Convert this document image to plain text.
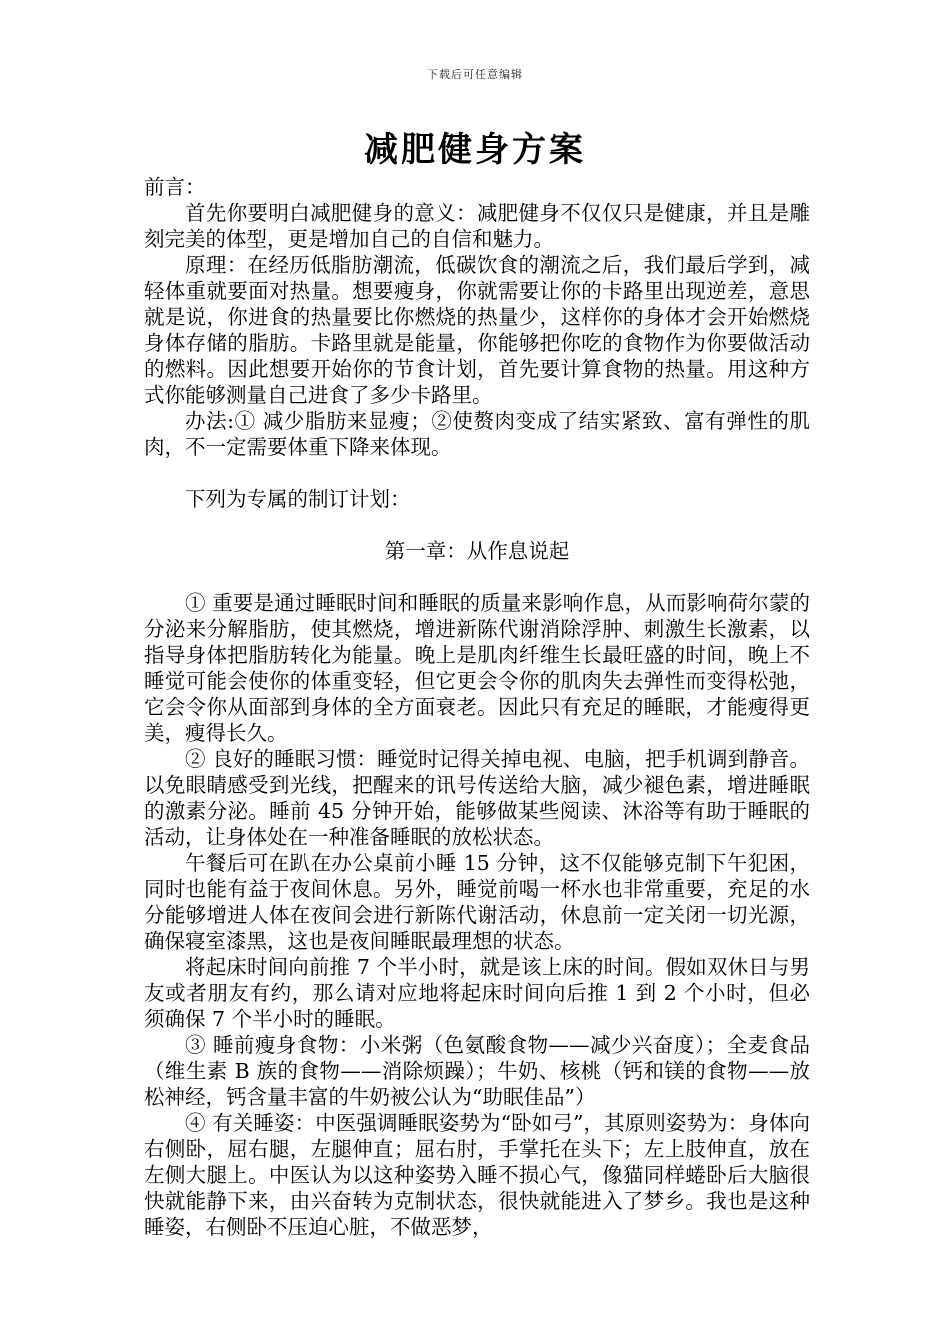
下载后可任意编辑
减肥健身方案

前言：

首先你要明白减肥健身的意义：减肥健身不仅仅只是健康，并且是雕刻完美的体型，更是增加自己的自信和魅力。

原理：在经历低脂肪潮流，低碳饮食的潮流之后，我们最后学到，减轻体重就要面对热量。想要瘦身，你就需要让你的卡路里出现逆差，意思就是说，你进食的热量要比你燃烧的热量少，这样你的身体才会开始燃烧身体存储的脂肪。卡路里就是能量，你能够把你吃的食物作为你要做活动的燃料。因此想要开始你的节食计划，首先要计算食物的热量。用这种方式你能够测量自己进食了多少卡路里。

办法:① 减少脂肪来显瘦；②使赘肉变成了结实紧致、富有弹性的肌肉，不一定需要体重下降来体现。

下列为专属的制订计划：

第一章：从作息说起

① 重要是通过睡眠时间和睡眠的质量来影响作息，从而影响荷尔蒙的分泌来分解脂肪，使其燃烧，增进新陈代谢消除浮肿、刺激生长激素，以指导身体把脂肪转化为能量。晚上是肌肉纤维生长最旺盛的时间，晚上不睡觉可能会使你的体重变轻，但它更会令你的肌肉失去弹性而变得松弛，它会令你从面部到身体的全方面衰老。因此只有充足的睡眠，才能瘦得更美，瘦得长久。

② 良好的睡眠习惯：睡觉时记得关掉电视、电脑，把手机调到静音。以免眼睛感受到光线，把醒来的讯号传送给大脑，减少褪色素，增进睡眠的激素分泌。睡前 45 分钟开始，能够做某些阅读、沐浴等有助于睡眠的活动，让身体处在一种准备睡眠的放松状态。

午餐后可在趴在办公桌前小睡 15 分钟，这不仅能够克制下午犯困，同时也能有益于夜间休息。另外，睡觉前喝一杯水也非常重要，充足的水分能够增进人体在夜间会进行新陈代谢活动，休息前一定关闭一切光源，确保寝室漆黑，这也是夜间睡眠最理想的状态。

将起床时间向前推 7 个半小时，就是该上床的时间。假如双休日与男友或者朋友有约，那么请对应地将起床时间向后推 1 到 2 个小时，但必须确保 7 个半小时的睡眠。

③ 睡前瘦身食物：小米粥（色氨酸食物——减少兴奋度）；全麦食品（维生素 B 族的食物——消除烦躁）；牛奶、核桃（钙和镁的食物——放松神经，钙含量丰富的牛奶被公认为“助眠佳品”）

④ 有关睡姿：中医强调睡眠姿势为“卧如弓”，其原则姿势为：身体向右侧卧，屈右腿，左腿伸直；屈右肘，手掌托在头下；左上肢伸直，放在左侧大腿上。中医认为以这种姿势入睡不损心气，像猫同样蜷卧后大脑很快就能静下来，由兴奋转为克制状态，很快就能进入了梦乡。我也是这种睡姿，右侧卧不压迫心脏，不做恶梦，
